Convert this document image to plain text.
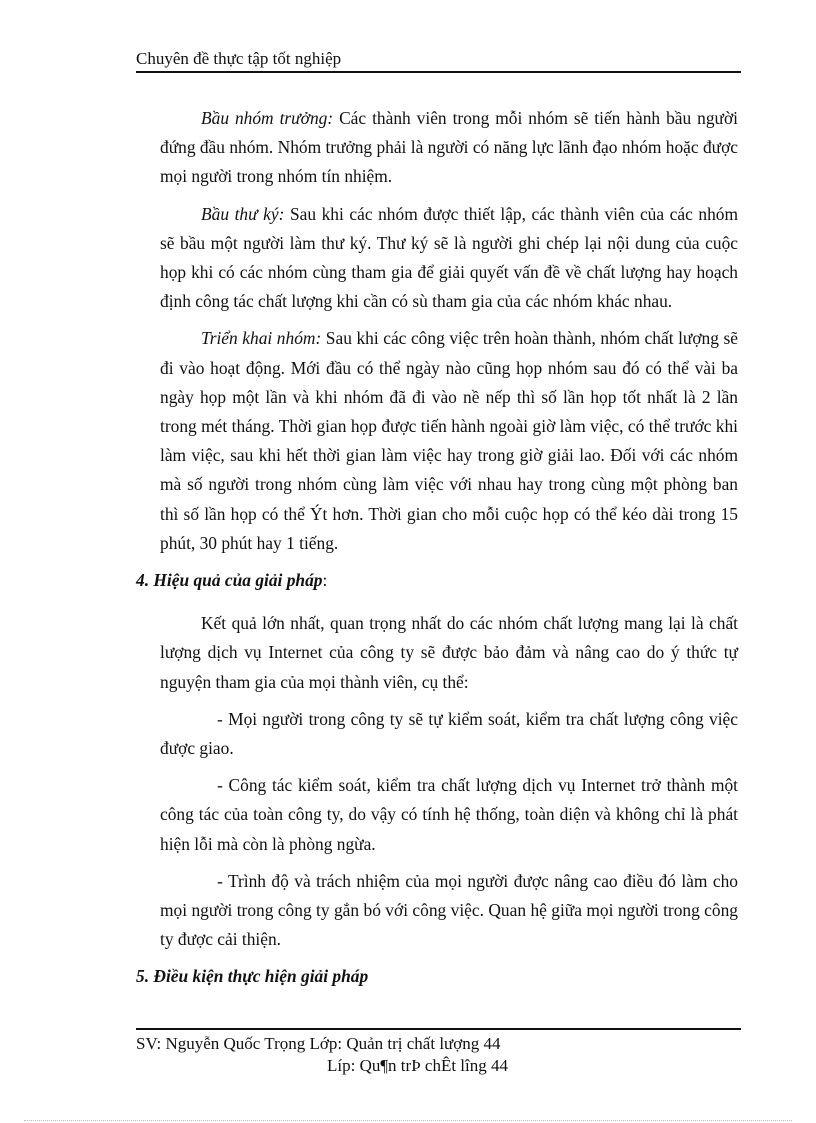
Chuyên đề thực tập tốt nghiệp

Bầu nhóm trưởng: Các thành viên trong mỗi nhóm sẽ tiến hành bầu người đứng đầu nhóm. Nhóm trưởng phải là người có năng lực lãnh đạo nhóm hoặc được mọi người trong nhóm tín nhiệm.

Bầu thư ký: Sau khi các nhóm được thiết lập, các thành viên của các nhóm sẽ bầu một người làm thư ký. Thư ký sẽ là người ghi chép lại nội dung của cuộc họp khi có các nhóm cùng tham gia để giải quyết vấn đề về chất lượng hay hoạch định công tác chất lượng khi cần có sù tham gia của các nhóm khác nhau.

Triển khai nhóm: Sau khi các công việc trên hoàn thành, nhóm chất lượng sẽ đi vào hoạt động. Mới đầu có thể ngày nào cũng họp nhóm sau đó có thể vài ba ngày họp một lần và khi nhóm đã đi vào nề nếp thì số lần họp tốt nhất là 2 lần trong mét tháng. Thời gian họp được tiến hành ngoài giờ làm việc, có thể trước khi làm việc, sau khi hết thời gian làm việc hay trong giờ giải lao. Đối với các nhóm mà số người trong nhóm cùng làm việc với nhau hay trong cùng một phòng ban thì số lần họp có thể Ýt hơn. Thời gian cho mỗi cuộc họp có thể kéo dài trong 15 phút, 30 phút hay 1 tiếng.

4. Hiệu quả của giải pháp:

Kết quả lớn nhất, quan trọng nhất do các nhóm chất lượng mang lại là chất lượng dịch vụ Internet của công ty sẽ được bảo đảm và nâng cao do ý thức tự nguyện tham gia của mọi thành viên, cụ thể:

- Mọi người trong công ty sẽ tự kiểm soát, kiểm tra chất lượng công việc được giao.

- Công tác kiểm soát, kiểm tra chất lượng dịch vụ Internet trở thành một công tác của toàn công ty, do vậy có tính hệ thống, toàn diện và không chỉ là phát hiện lỗi mà còn là phòng ngừa.

- Trình độ và trách nhiệm của mọi người được nâng cao điều đó làm cho mọi người trong công ty gắn bó với công việc. Quan hệ giữa mọi người trong công ty được cải thiện.

5. Điều kiện thực hiện giải pháp

SV: Nguyễn Quốc Trọng Lớp: Quản trị chất lượng 44
Líp: Qu¶n trÞ chÊt lîng 44
